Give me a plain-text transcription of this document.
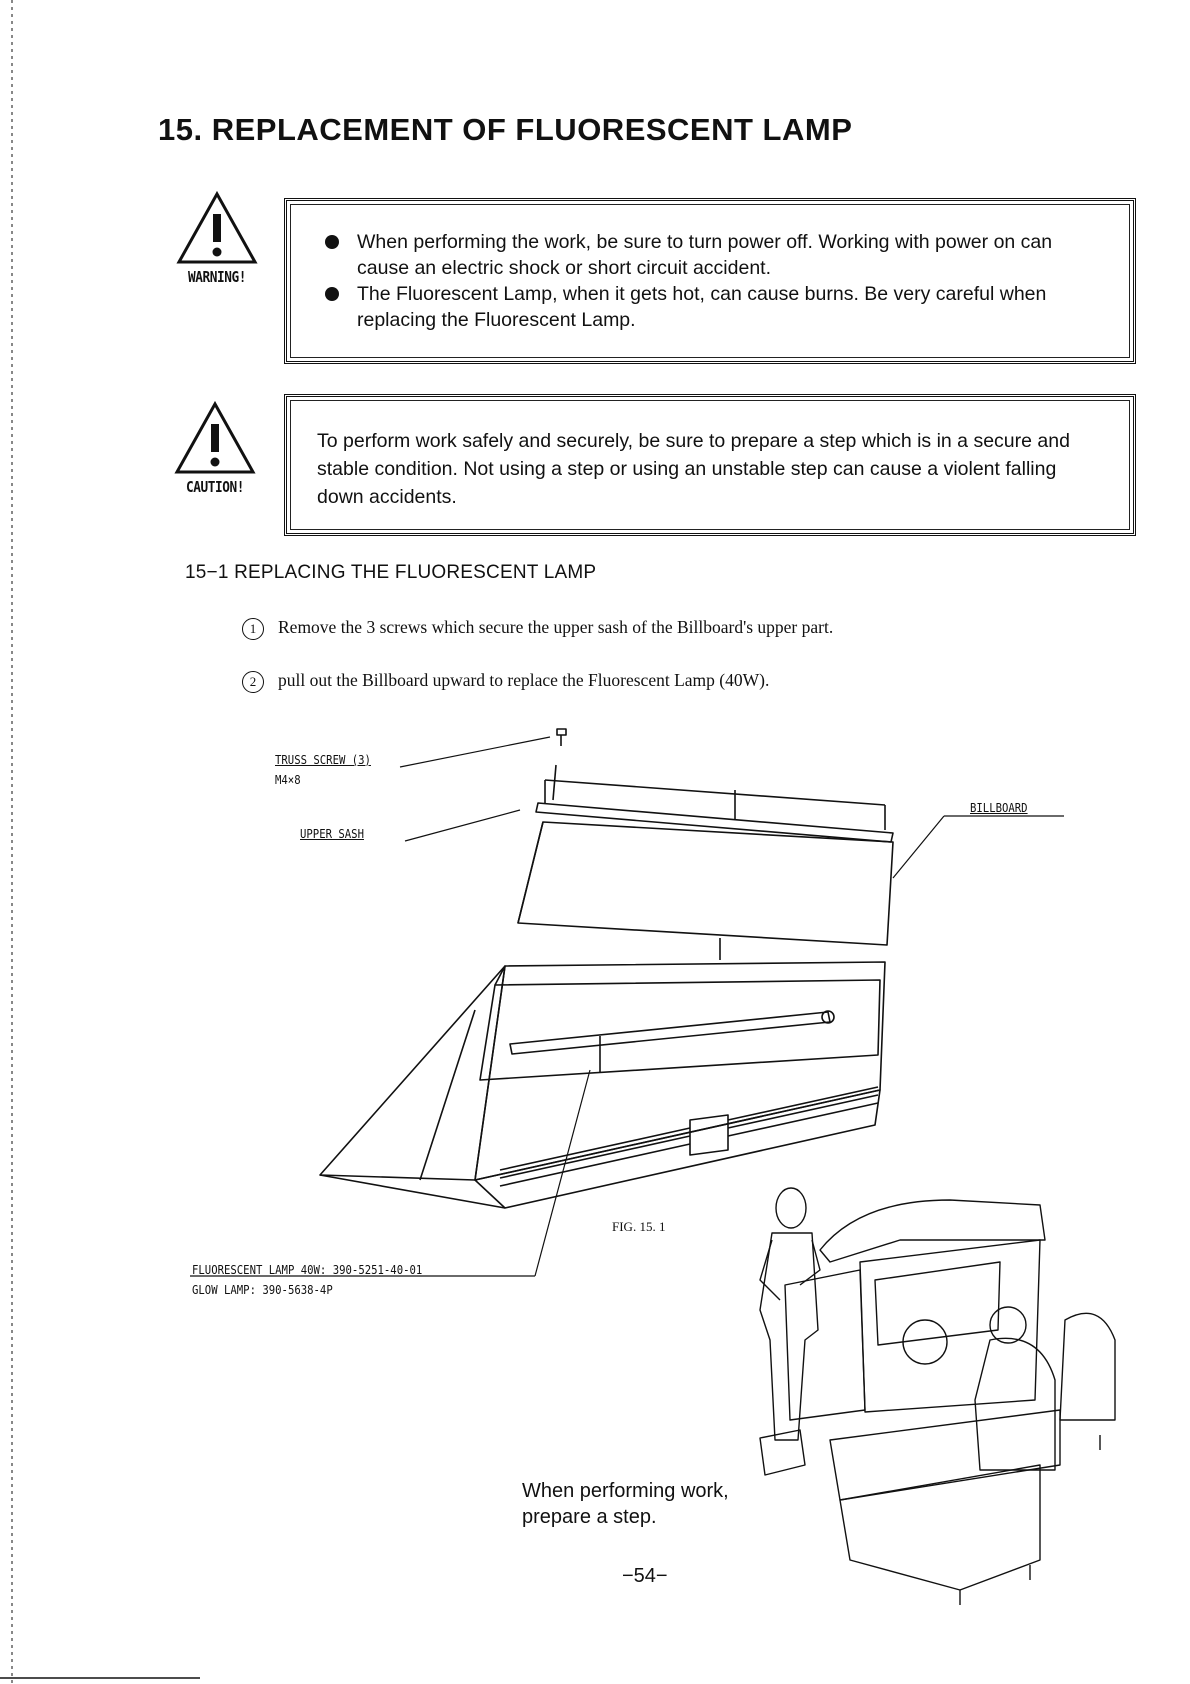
15. REPLACEMENT OF FLUORESCENT LAMP
WARNING!
When performing the work, be sure to turn power off. Working with power on can cause an electric shock or short circuit accident.
The Fluorescent Lamp, when it gets hot, can cause burns. Be very careful when replacing the Fluorescent Lamp.
CAUTION!

To perform work safely and securely, be sure to prepare a step which is in a secure and stable condition. Not using a step or using an unstable step can cause a violent falling down accidents.

15−1 REPLACING THE FLUORESCENT LAMP
1 Remove the 3 screws which secure the upper sash of the Billboard's upper part.
2 pull out the Billboard upward to replace the Fluorescent Lamp (40W).
TRUSS SCREW (3)
M4×8
UPPER SASH
BILLBOARD
FLUORESCENT LAMP 40W: 390-5251-40-01
GLOW LAMP: 390-5638-4P
FIG. 15. 1
When performing work, prepare a step.
−54−
